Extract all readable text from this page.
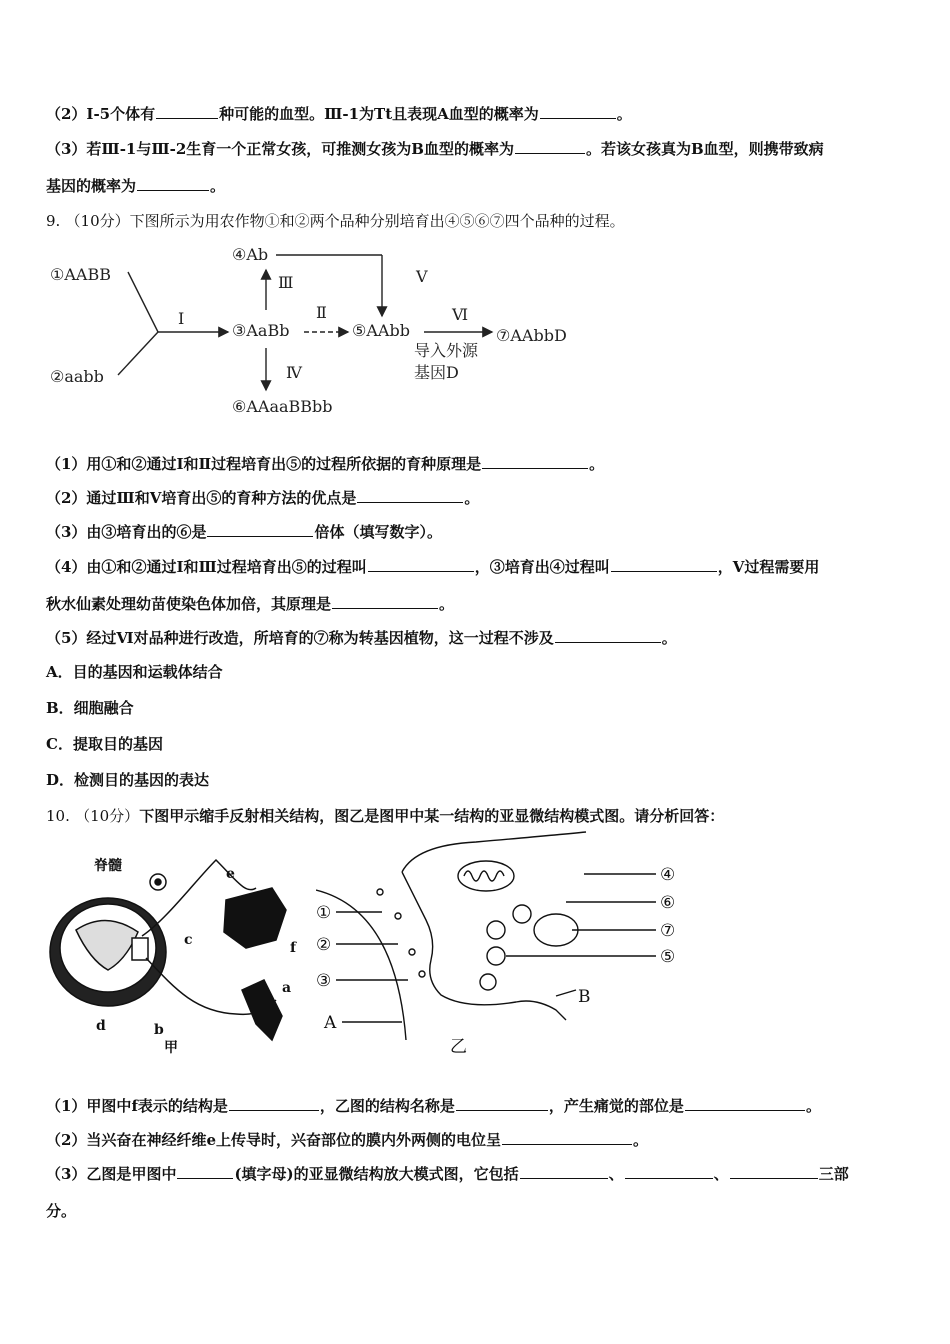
（2）Ⅰ-5个体有	种可能的血型。Ⅲ-1为Tt且表现A血型的概率为	。
（3）若Ⅲ-1与Ⅲ-2生育一个正常女孩，可推测女孩为B血型的概率为	。若该女孩真为B血型，则携带致病
基因的概率为	。
9. （10分）下图所示为用农作物①和②两个品种分别培育出④⑤⑥⑦四个品种的过程。
①AABB
②aabb
③AaBb
④Ab
⑤AAbb
⑥AAaaBBbb
⑦AAbbD
Ⅰ	Ⅱ
Ⅲ
Ⅳ
Ⅴ
Ⅵ
导入外源
基因D
（1）用①和②通过Ⅰ和Ⅱ过程培育出⑤的过程所依据的育种原理是	。
（2）通过Ⅲ和Ⅴ培育出⑤的育种方法的优点是	。
（3）由③培育出的⑥是	倍体（填写数字）。
（4）由①和②通过Ⅰ和Ⅲ过程培育出⑤的过程叫	，③培育出④过程叫	，Ⅴ过程需要用
秋水仙素处理幼苗使染色体加倍，其原理是	。
（5）经过Ⅵ对品种进行改造，所培育的⑦称为转基因植物，这一过程不涉及	。
A．目的基因和运载体结合
B．细胞融合
C．提取目的基因
D．检测目的基因的表达
10. （10分）下图甲示缩手反射相关结构，图乙是图甲中某一结构的亚显微结构模式图。请分析回答：
脊髓	e
f
c
a
d	b
甲
①
②
③
A
④
⑥
⑦
⑤
B
乙
（1）甲图中f表示的结构是	，乙图的结构名称是	，产生痛觉的部位是	。
（2）当兴奋在神经纤维e上传导时，兴奋部位的膜内外两侧的电位呈	。
（3）乙图是甲图中	(填字母)的亚显微结构放大模式图，它包括	、	、	三部
分。
